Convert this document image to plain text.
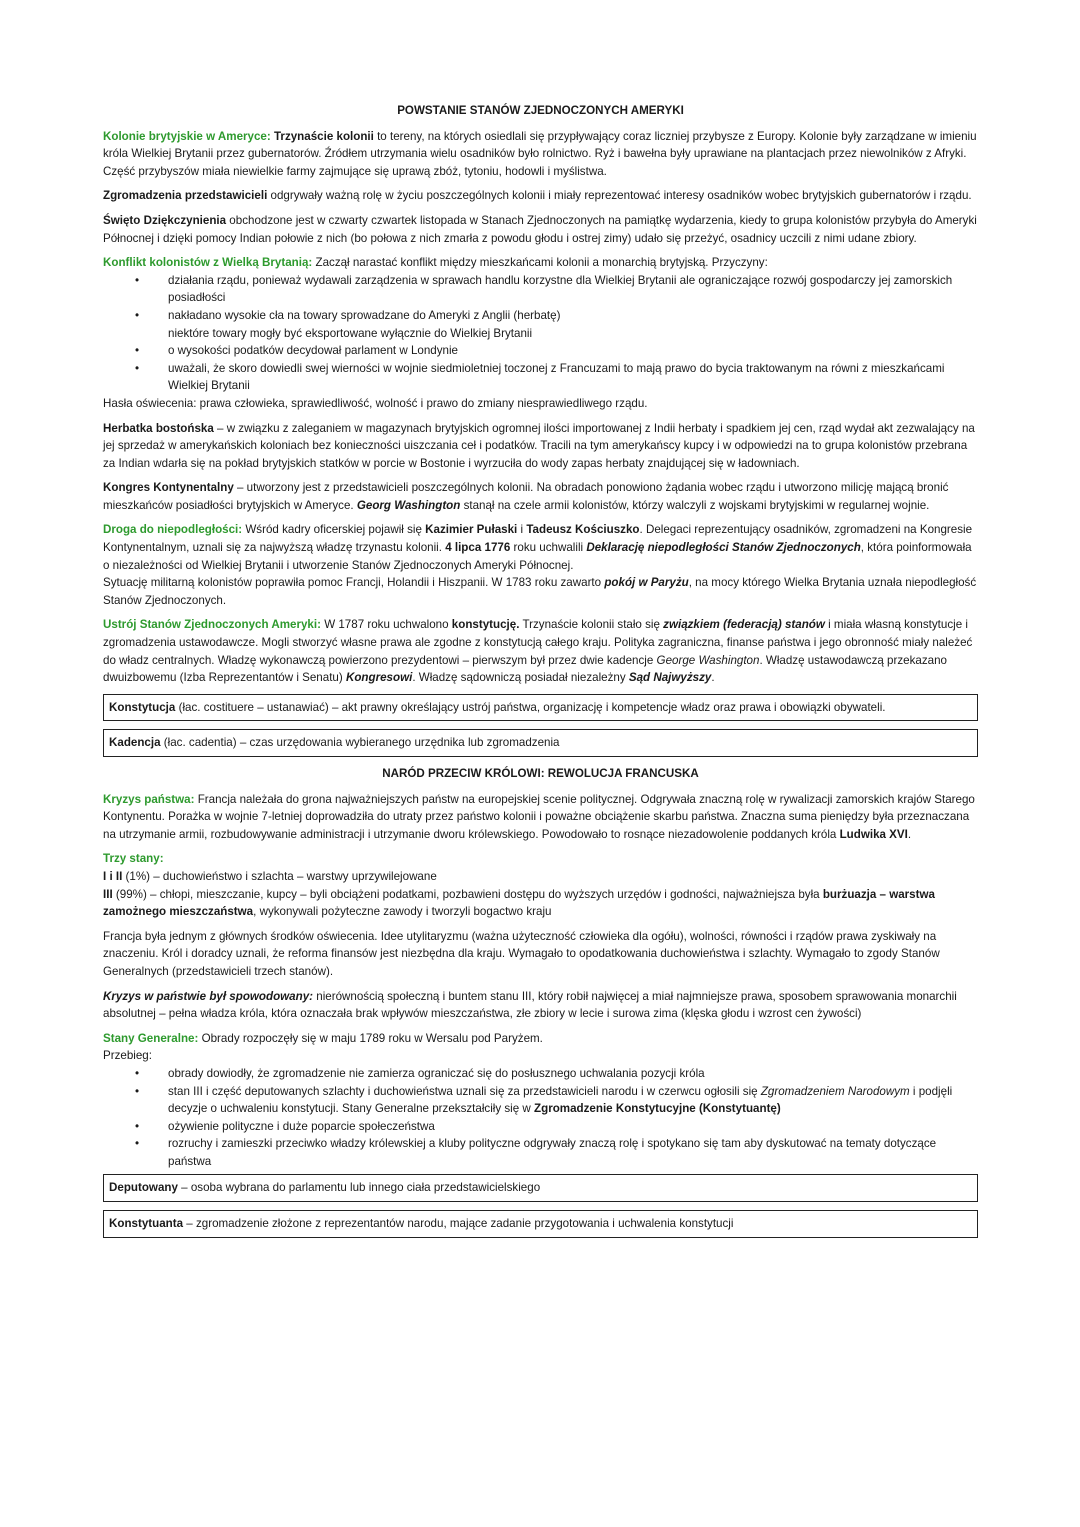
POWSTANIE STANÓW ZJEDNOCZONYCH AMERYKI

Kolonie brytyjskie w Ameryce: Trzynaście kolonii to tereny, na których osiedlali się przypływający coraz liczniej przybysze z Europy. Kolonie były zarządzane w imieniu króla Wielkiej Brytanii przez gubernatorów. Źródłem utrzymania wielu osadników było rolnictwo. Ryż i bawełna były uprawiane na plantacjach przez niewolników z Afryki. Część przybyszów miała niewielkie farmy zajmujące się uprawą zbóż, tytoniu, hodowli i myślistwa.

Zgromadzenia przedstawicieli odgrywały ważną rolę w życiu poszczególnych kolonii i miały reprezentować interesy osadników wobec brytyjskich gubernatorów i rządu.

Święto Dziękczynienia obchodzone jest w czwarty czwartek listopada w Stanach Zjednoczonych na pamiątkę wydarzenia, kiedy to grupa kolonistów przybyła do Ameryki Północnej i dzięki pomocy Indian połowie z nich (bo połowa z nich zmarła z powodu głodu i ostrej zimy) udało się przeżyć, osadnicy uczcili z nimi udane zbiory.

Konflikt kolonistów z Wielką Brytanią: Zaczął narastać konflikt między mieszkańcami kolonii a monarchią brytyjską. Przyczyny:

• działania rządu, ponieważ wydawali zarządzenia w sprawach handlu korzystne dla Wielkiej Brytanii ale ograniczające rozwój gospodarczy jej zamorskich posiadłości
• nakładano wysokie cła na towary sprowadzane do Ameryki z Anglii (herbatę)
niektóre towary mogły być eksportowane wyłącznie do Wielkiej Brytanii
• o wysokości podatków decydował parlament w Londynie
• uważali, że skoro dowiedli swej wierności w wojnie siedmioletniej toczonej z Francuzami to mają prawo do bycia traktowanym na równi z mieszkańcami Wielkiej Brytanii

Hasła oświecenia: prawa człowieka, sprawiedliwość, wolność i prawo do zmiany niesprawiedliwego rządu.

Herbatka bostońska – w związku z zaleganiem w magazynach brytyjskich ogromnej ilości importowanej z Indii herbaty i spadkiem jej cen, rząd wydał akt zezwalający na jej sprzedaż w amerykańskich koloniach bez konieczności uiszczania ceł i podatków. Tracili na tym amerykańscy kupcy i w odpowiedzi na to grupa kolonistów przebrana za Indian wdarła się na pokład brytyjskich statków w porcie w Bostonie i wyrzuciła do wody zapas herbaty znajdującej się w ładowniach.

Kongres Kontynentalny – utworzony jest z przedstawicieli poszczególnych kolonii. Na obradach ponowiono żądania wobec rządu i utworzono milicję mającą bronić mieszkańców posiadłości brytyjskich w Ameryce. Georg Washington stanął na czele armii kolonistów, którzy walczyli z wojskami brytyjskimi w regularnej wojnie.

Droga do niepodległości: Wśród kadry oficerskiej pojawił się Kazimier Pułaski i Tadeusz Kościuszko. Delegaci reprezentujący osadników, zgromadzeni na Kongresie Kontynentalnym, uznali się za najwyższą władzę trzynastu kolonii. 4 lipca 1776 roku uchwalili Deklarację niepodległości Stanów Zjednoczonych, która poinformowała o niezależności od Wielkiej Brytanii i utworzenie Stanów Zjednoczonych Ameryki Północnej.
Sytuację militarną kolonistów poprawiła pomoc Francji, Holandii i Hiszpanii. W 1783 roku zawarto pokój w Paryżu, na mocy którego Wielka Brytania uznała niepodległość Stanów Zjednoczonych.

Ustrój Stanów Zjednoczonych Ameryki: W 1787 roku uchwalono konstytucję. Trzynaście kolonii stało się związkiem (federacją) stanów i miała własną konstytucje i zgromadzenia ustawodawcze. Mogli stworzyć własne prawa ale zgodne z konstytucją całego kraju. Polityka zagraniczna, finanse państwa i jego obronność miały należeć do władz centralnych. Władzę wykonawczą powierzono prezydentowi – pierwszym był przez dwie kadencje George Washington. Władzę ustawodawczą przekazano dwuizbowemu (Izba Reprezentantów i Senatu) Kongresowi. Władzę sądowniczą posiadał niezależny Sąd Najwyższy.

Konstytucja (łac. costituere – ustanawiać) – akt prawny określający ustrój państwa, organizację i kompetencje władz oraz prawa i obowiązki obywateli.

Kadencja (łac. cadentia) – czas urzędowania wybieranego urzędnika lub zgromadzenia

NARÓD PRZECIW KRÓLOWI: REWOLUCJA FRANCUSKA

Kryzys państwa: Francja należała do grona najważniejszych państw na europejskiej scenie politycznej. Odgrywała znaczną rolę w rywalizacji zamorskich krajów Starego Kontynentu. Porażka w wojnie 7-letniej doprowadziła do utraty przez państwo kolonii i poważne obciążenie skarbu państwa. Znaczna suma pieniędzy była przeznaczana na utrzymanie armii, rozbudowywanie administracji i utrzymanie dworu królewskiego. Powodowało to rosnące niezadowolenie poddanych króla Ludwika XVI.

Trzy stany:
I i II (1%) – duchowieństwo i szlachta – warstwy uprzywilejowane
III (99%) – chłopi, mieszczanie, kupcy – byli obciążeni podatkami, pozbawieni dostępu do wyższych urzędów i godności, najważniejsza była burżuazja – warstwa zamożnego mieszczaństwa, wykonywali pożyteczne zawody i tworzyli bogactwo kraju

Francja była jednym z głównych środków oświecenia. Idee utylitaryzmu (ważna użyteczność człowieka dla ogółu), wolności, równości i rządów prawa zyskiwały na znaczeniu. Król i doradcy uznali, że reforma finansów jest niezbędna dla kraju. Wymagało to opodatkowania duchowieństwa i szlachty. Wymagało to zgody Stanów Generalnych (przedstawicieli trzech stanów).

Kryzys w państwie był spowodowany: nierównością społeczną i buntem stanu III, który robił najwięcej a miał najmniejsze prawa, sposobem sprawowania monarchii absolutnej – pełna władza króla, która oznaczała brak wpływów mieszczaństwa, złe zbiory w lecie i surowa zima (klęska głodu i wzrost cen żywości)

Stany Generalne: Obrady rozpoczęły się w maju 1789 roku w Wersalu pod Paryżem.
Przebieg:

• obrady dowiodły, że zgromadzenie nie zamierza ograniczać się do posłusznego uchwalania pozycji króla
• stan III i część deputowanych szlachty i duchowieństwa uznali się za przedstawicieli narodu i w czerwcu ogłosili się Zgromadzeniem Narodowym i podjęli decyzje o uchwaleniu konstytucji. Stany Generalne przekształciły się w Zgromadzenie Konstytucyjne (Konstytuantę)
• ożywienie polityczne i duże poparcie społeczeństwa
• rozruchy i zamieszki przeciwko władzy królewskiej a kluby polityczne odgrywały znaczą rolę i spotykano się tam aby dyskutować na tematy dotyczące państwa

Deputowany – osoba wybrana do parlamentu lub innego ciała przedstawicielskiego

Konstytuanta – zgromadzenie złożone z reprezentantów narodu, mające zadanie przygotowania i uchwalenia konstytucji
